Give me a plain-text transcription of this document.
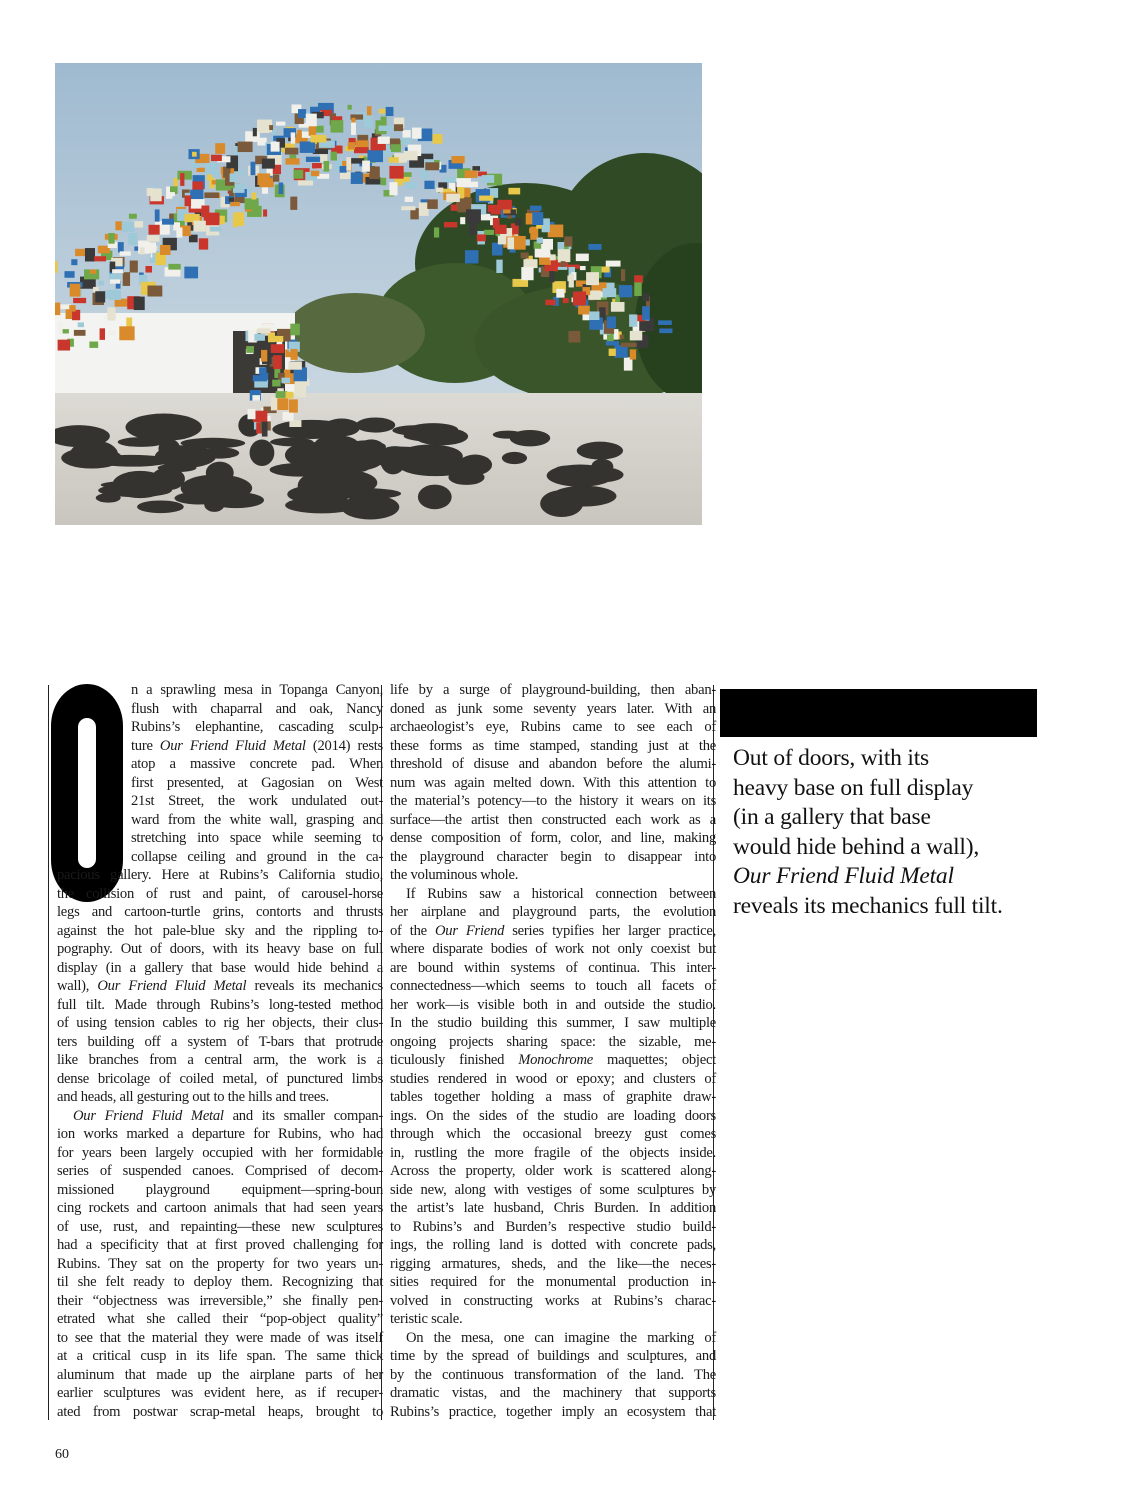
n a sprawling mesa in Topanga Canyon,
flush with chaparral and oak, Nancy
Rubins’s elephantine, cascading sculp-
ture Our Friend Fluid Metal (2014) rests
atop a massive concrete pad. When
first presented, at Gagosian on West
21st Street, the work undulated out-
ward from the white wall, grasping and
stretching into space while seeming to
collapse ceiling and ground in the ca-
pacious gallery. Here at Rubins’s California studio,
the collision of rust and paint, of carousel-horse
legs and cartoon-turtle grins, contorts and thrusts
against the hot pale-blue sky and the rippling to-
pography. Out of doors, with its heavy base on full
display (in a gallery that base would hide behind a
wall), Our Friend Fluid Metal reveals its mechanics
full tilt. Made through Rubins’s long-tested method
of using tension cables to rig her objects, their clus-
ters building off a system of T-bars that protrude
like branches from a central arm, the work is a
dense bricolage of coiled metal, of punctured limbs
and heads, all gesturing out to the hills and trees.
Our Friend Fluid Metal and its smaller compan-
ion works marked a departure for Rubins, who had
for years been largely occupied with her formidable
series of suspended canoes. Comprised of decom-
missioned playground equipment—spring-boun
cing rockets and cartoon animals that had seen years
of use, rust, and repainting—these new sculptures
had a specificity that at first proved challenging for
Rubins. They sat on the property for two years un-
til she felt ready to deploy them. Recognizing that
their “objectness was irreversible,” she finally pen-
etrated what she called their “pop-object quality”
to see that the material they were made of was itself
at a critical cusp in its life span. The same thick
aluminum that made up the airplane parts of her
earlier sculptures was evident here, as if recuper-
ated from postwar scrap-metal heaps, brought to
life by a surge of playground-building, then aban-
doned as junk some seventy years later. With an
archaeologist’s eye, Rubins came to see each of
these forms as time stamped, standing just at the
threshold of disuse and abandon before the alumi-
num was again melted down. With this attention to
the material’s potency—to the history it wears on its
surface—the artist then constructed each work as a
dense composition of form, color, and line, making
the playground character begin to disappear into
the voluminous whole.
If Rubins saw a historical connection between
her airplane and playground parts, the evolution
of the Our Friend series typifies her larger practice,
where disparate bodies of work not only coexist but
are bound within systems of continua. This inter-
connectedness—which seems to touch all facets of
her work—is visible both in and outside the studio.
In the studio building this summer, I saw multiple
ongoing projects sharing space: the sizable, me-
ticulously finished Monochrome maquettes; object
studies rendered in wood or epoxy; and clusters of
tables together holding a mass of graphite draw-
ings. On the sides of the studio are loading doors
through which the occasional breezy gust comes
in, rustling the more fragile of the objects inside.
Across the property, older work is scattered along-
side new, along with vestiges of some sculptures by
the artist’s late husband, Chris Burden. In addition
to Rubins’s and Burden’s respective studio build-
ings, the rolling land is dotted with concrete pads,
rigging armatures, sheds, and the like—the neces-
sities required for the monumental production in-
volved in constructing works at Rubins’s charac-
teristic scale.
On the mesa, one can imagine the marking of
time by the spread of buildings and sculptures, and
by the continuous transformation of the land. The
dramatic vistas, and the machinery that supports
Rubins’s practice, together imply an ecosystem that
Out of doors, with its
heavy base on full display
(in a gallery that base
would hide behind a wall),
Our Friend Fluid Metal
reveals its mechanics full tilt.
60
